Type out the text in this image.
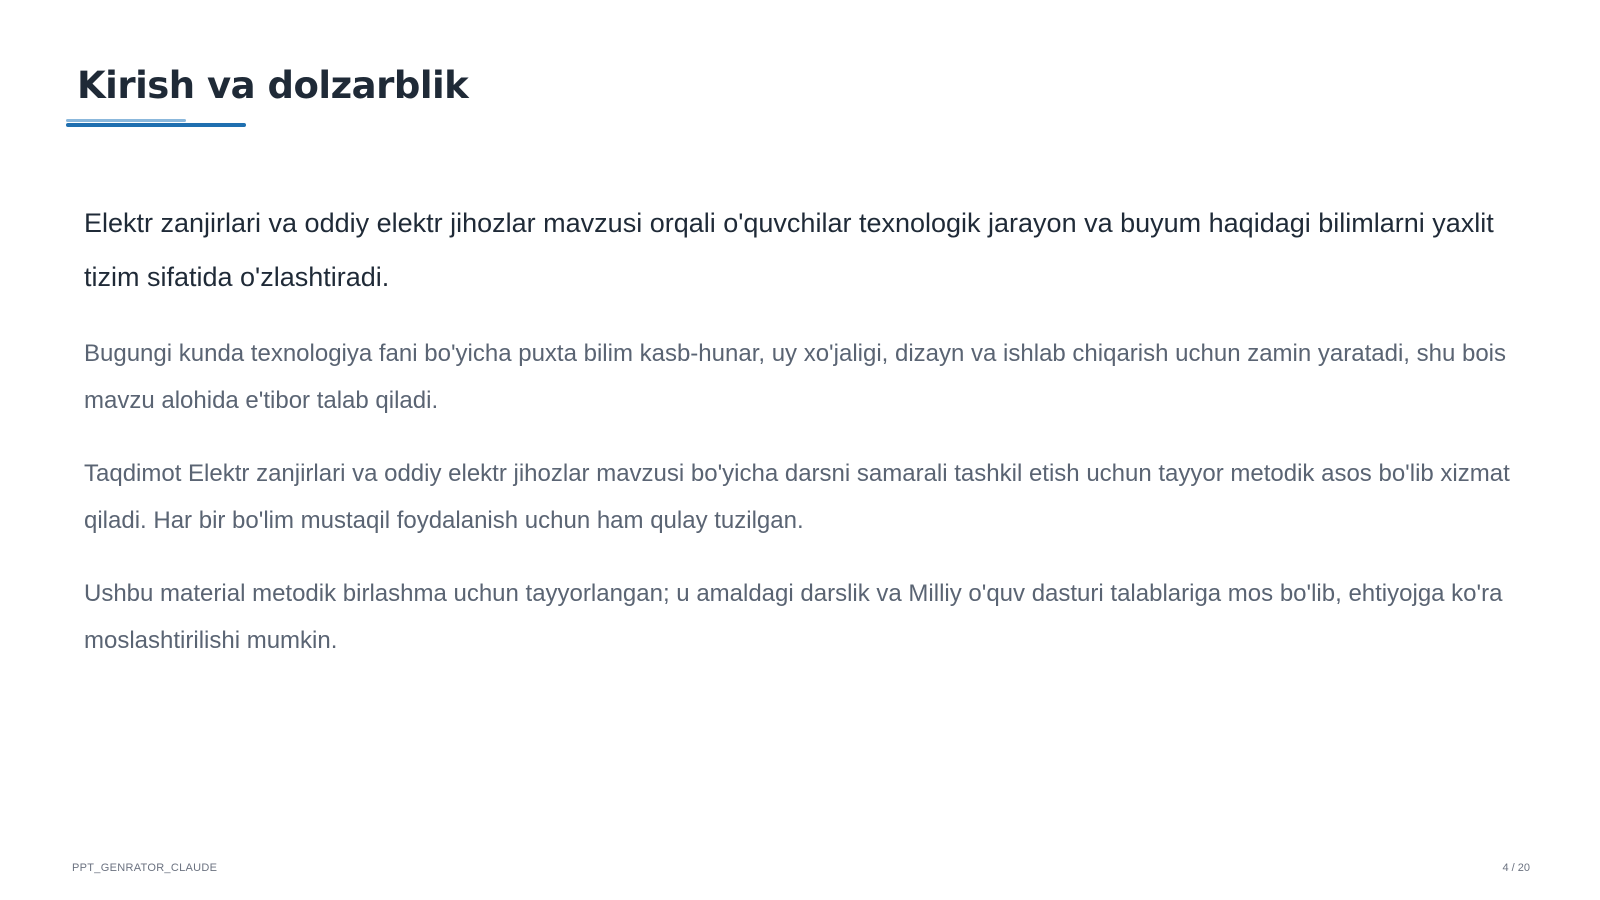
Kirish va dolzarblik

Elektr zanjirlari va oddiy elektr jihozlar mavzusi orqali o'quvchilar texnologik jarayon va buyum haqidagi bilimlarni yaxlit tizim sifatida o'zlashtiradi.

Bugungi kunda texnologiya fani bo'yicha puxta bilim kasb-hunar, uy xo'jaligi, dizayn va ishlab chiqarish uchun zamin yaratadi, shu bois mavzu alohida e'tibor talab qiladi.

Taqdimot Elektr zanjirlari va oddiy elektr jihozlar mavzusi bo'yicha darsni samarali tashkil etish uchun tayyor metodik asos bo'lib xizmat qiladi. Har bir bo'lim mustaqil foydalanish uchun ham qulay tuzilgan.

Ushbu material metodik birlashma uchun tayyorlangan; u amaldagi darslik va Milliy o'quv dasturi talablariga mos bo'lib, ehtiyojga ko'ra moslashtirilishi mumkin.

PPT_GENRATOR_CLAUDE	4 / 20
